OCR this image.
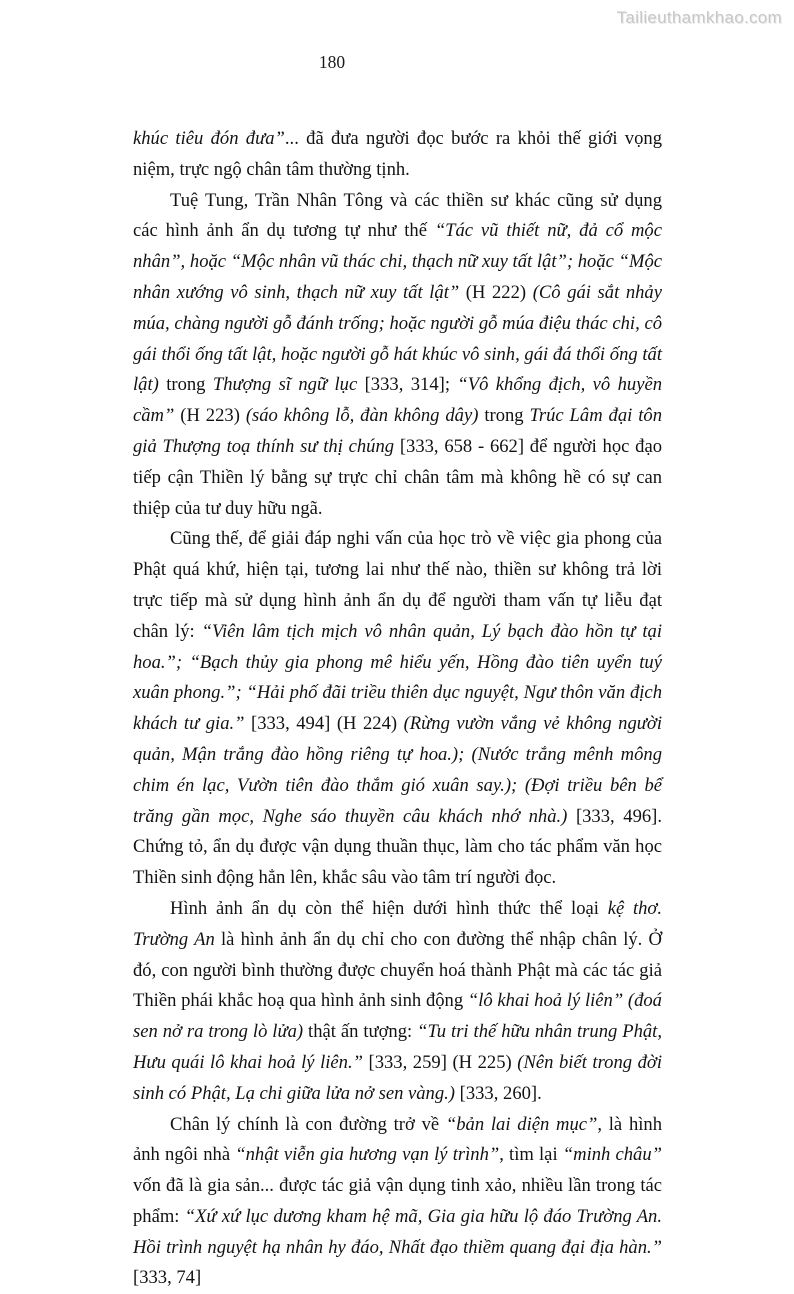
Tailieuthamkhao.com
180

khúc tiêu đón đưa”... đã đưa người đọc bước ra khỏi thế giới vọng niệm, trực ngộ chân tâm thường tịnh.

Tuệ Tung, Trần Nhân Tông và các thiền sư khác cũng sử dụng các hình ảnh ẩn dụ tương tự như thế “Tác vũ thiết nữ, đả cổ mộc nhân”, hoặc “Mộc nhân vũ thác chi, thạch nữ xuy tất lật”; hoặc “Mộc nhân xướng vô sinh, thạch nữ xuy tất lật” (H 222) (Cô gái sắt nhảy múa, chàng người gỗ đánh trống; hoặc người gỗ múa điệu thác chi, cô gái thổi ống tất lật, hoặc người gỗ hát khúc vô sinh, gái đá thổi ống tất lật) trong Thượng sĩ ngữ lục [333, 314]; “Vô khổng địch, vô huyền cầm” (H 223) (sáo không lỗ, đàn không dây) trong Trúc Lâm đại tôn giả Thượng toạ thính sư thị chúng [333, 658 - 662] để người học đạo tiếp cận Thiền lý bằng sự trực chỉ chân tâm mà không hề có sự can thiệp của tư duy hữu ngã.

Cũng thế, để giải đáp nghi vấn của học trò về việc gia phong của Phật quá khứ, hiện tại, tương lai như thế nào, thiền sư không trả lời trực tiếp mà sử dụng hình ảnh ẩn dụ để người tham vấn tự liễu đạt chân lý: “Viên lâm tịch mịch vô nhân quản, Lý bạch đào hồn tự tại hoa.”; “Bạch thủy gia phong mê hiểu yến, Hồng đào tiên uyển tuý xuân phong.”; “Hải phố đãi triều thiên dục nguyệt, Ngư thôn văn địch khách tư gia.” [333, 494] (H 224) (Rừng vườn vắng vẻ không người quản, Mận trắng đào hồng riêng tự hoa.); (Nước trắng mênh mông chim én lạc, Vườn tiên đào thắm gió xuân say.); (Đợi triều bên bể trăng gần mọc, Nghe sáo thuyền câu khách nhớ nhà.) [333, 496]. Chứng tỏ, ẩn dụ được vận dụng thuần thục, làm cho tác phẩm văn học Thiền sinh động hẳn lên, khắc sâu vào tâm trí người đọc.

Hình ảnh ẩn dụ còn thể hiện dưới hình thức thể loại kệ thơ. Trường An là hình ảnh ẩn dụ chỉ cho con đường thể nhập chân lý. Ở đó, con người bình thường được chuyển hoá thành Phật mà các tác giả Thiền phái khắc hoạ qua hình ảnh sinh động “lô khai hoả lý liên” (đoá sen nở ra trong lò lửa) thật ấn tượng: “Tu tri thế hữu nhân trung Phật, Hưu quái lô khai hoả lý liên.” [333, 259] (H 225) (Nên biết trong đời sinh có Phật, Lạ chi giữa lửa nở sen vàng.) [333, 260].

Chân lý chính là con đường trở về “bản lai diện mục”, là hình ảnh ngôi nhà “nhật viễn gia hương vạn lý trình”, tìm lại “minh châu” vốn đã là gia sản... được tác giả vận dụng tinh xảo, nhiều lần trong tác phẩm: “Xứ xứ lục dương kham hệ mã, Gia gia hữu lộ đáo Trường An. Hồi trình nguyệt hạ nhân hy đáo, Nhất đạo thiềm quang đại địa hàn.” [333, 74]
